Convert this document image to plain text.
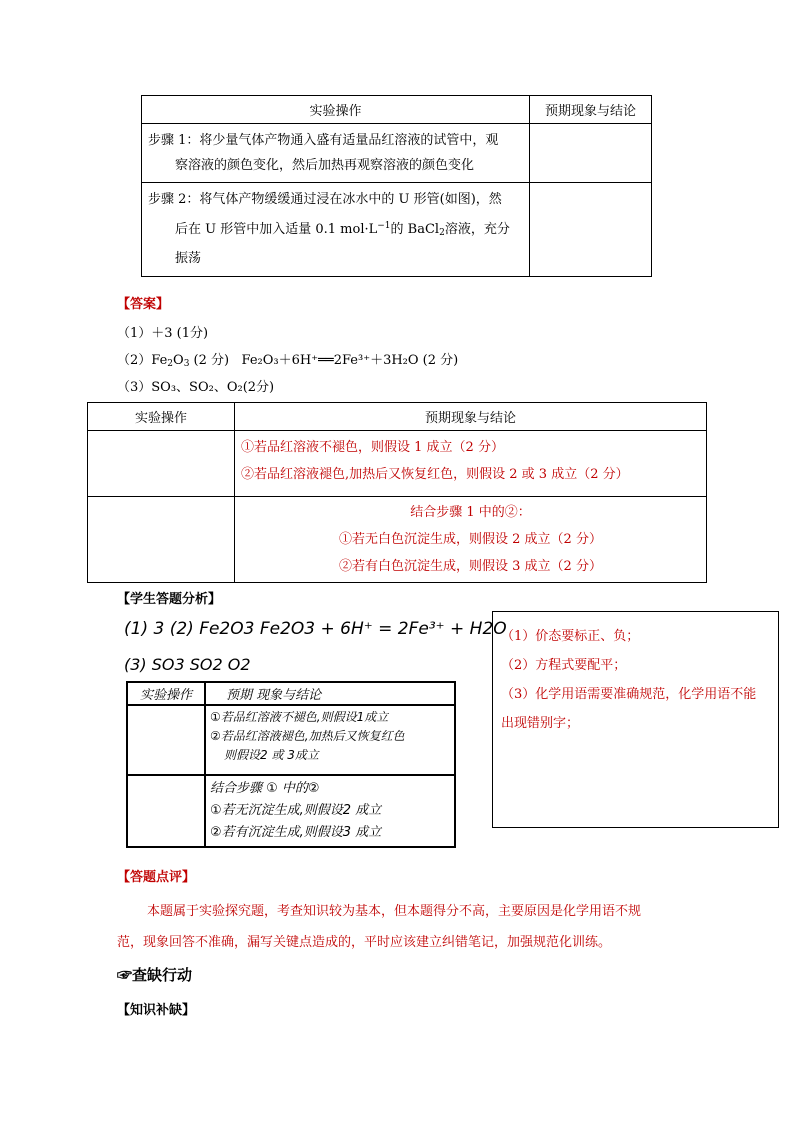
实验操作	预期现象与结论

步骤 1：将少量气体产物通入盛有适量品红溶液的试管中，观
察溶液的颜色变化，然后加热再观察溶液的颜色变化	

步骤 2：将气体产物缓缓通过浸在冰水中的 U 形管(如图)，然
后在 U 形管中加入适量 0.1 $mol\cdot L^{-1}$的 BaCl$_2$溶液，充分
振荡	

【答案】
（1）＋3 (1分)
$(2)Fe_2O_3$ (2 分) Fe₂O₃＋6H⁺══2Fe³⁺＋3H₂O (2 分)
（3）SO₃、SO₂、O₂(2分)
实验操作	预期现象与结论

	①若品红溶液不褪色，则假设 1 成立（2 分）
②若品红溶液褪色,加热后又恢复红色，则假设 2 或 3 成立（2 分）

	结合步骤 1 中的②：
①若无白色沉淀生成，则假设 2 成立（2 分）
②若有白色沉淀生成，则假设 3 成立（2 分）
【学生答题分析】
(1) 3 (2) Fe2O3 Fe2O3 + 6H⁺ = 2Fe³⁺ + H2O
(3) SO3 SO2 O2
实验操作	预期 现象与结论

	①若品红溶液不褪色,则假设1成立
②若品红溶液褪色,加热后又恢复红色
则假设2 或 3成立

	结合步骤 ① 中的②
①若无沉淀生成,则假设2 成立
②若有沉淀生成,则假设3 成立
（1）价态要标正、负；
（2）方程式要配平；
（3）化学用语需要准确规范，化学用语不能
出现错别字；
【答题点评】
本题属于实验探究题，考查知识较为基本，但本题得分不高，主要原因是化学用语不规
范，现象回答不准确，漏写关键点造成的，平时应该建立纠错笔记，加强规范化训练。
☞查缺行动
【知识补缺】
